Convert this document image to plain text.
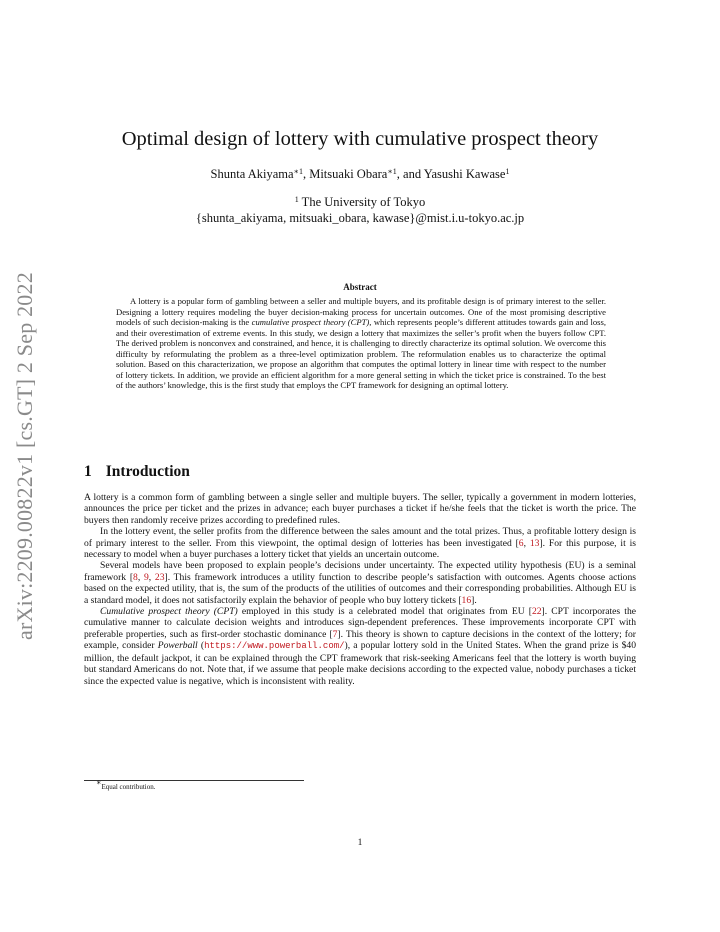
arXiv:2209.00822v1 [cs.GT] 2 Sep 2022
Optimal design of lottery with cumulative prospect theory
Shunta Akiyama$^{∗1}$, Mitsuaki Obara$^{∗1}$, and Yasushi Kawase$^1$
$^1$ The University of Tokyo
{shunta_akiyama, mitsuaki_obara, kawase}@mist.i.u-tokyo.ac.jp
Abstract
A lottery is a popular form of gambling between a seller and multiple buyers, and its profitable design is of primary interest to the seller. Designing a lottery requires modeling the buyer decision-making process for uncertain outcomes. One of the most promising descriptive models of such decision-making is the cumulative prospect theory (CPT), which represents people’s different attitudes towards gain and loss, and their overestimation of extreme events. In this study, we design a lottery that maximizes the seller’s profit when the buyers follow CPT. The derived problem is nonconvex and constrained, and hence, it is challenging to directly characterize its optimal solution. We overcome this difficulty by reformulating the problem as a three-level optimization problem. The reformulation enables us to characterize the optimal solution. Based on this characterization, we propose an algorithm that computes the optimal lottery in linear time with respect to the number of lottery tickets. In addition, we provide an efficient algorithm for a more general setting in which the ticket price is constrained. To the best of the authors’ knowledge, this is the first study that employs the CPT framework for designing an optimal lottery.
1 Introduction

A lottery is a common form of gambling between a single seller and multiple buyers. The seller, typically a government in modern lotteries, announces the price per ticket and the prizes in advance; each buyer purchases a ticket if he/she feels that the ticket is worth the price. The buyers then randomly receive prizes according to predefined rules.

In the lottery event, the seller profits from the difference between the sales amount and the total prizes. Thus, a profitable lottery design is of primary interest to the seller. From this viewpoint, the optimal design of lotteries has been investigated [6, 13]. For this purpose, it is necessary to model when a buyer purchases a lottery ticket that yields an uncertain outcome.

Several models have been proposed to explain people’s decisions under uncertainty. The expected utility hypothesis (EU) is a seminal framework [8, 9, 23]. This framework introduces a utility function to describe people’s satisfaction with outcomes. Agents choose actions based on the expected utility, that is, the sum of the products of the utilities of outcomes and their corresponding probabilities. Although EU is a standard model, it does not satisfactorily explain the behavior of people who buy lottery tickets [16].

Cumulative prospect theory (CPT) employed in this study is a celebrated model that originates from EU [22]. CPT incorporates the cumulative manner to calculate decision weights and introduces sign-dependent preferences. These improvements incorporate CPT with preferable properties, such as first-order stochastic dominance [7]. This theory is shown to capture decisions in the context of the lottery; for example, consider Powerball (https://www.powerball.com/), a popular lottery sold in the United States. When the grand prize is $40 million, the default jackpot, it can be explained through the CPT framework that risk-seeking Americans feel that the lottery is worth buying but standard Americans do not. Note that, if we assume that people make decisions according to the expected value, nobody purchases a ticket since the expected value is negative, which is inconsistent with reality.

∗Equal contribution.
1
